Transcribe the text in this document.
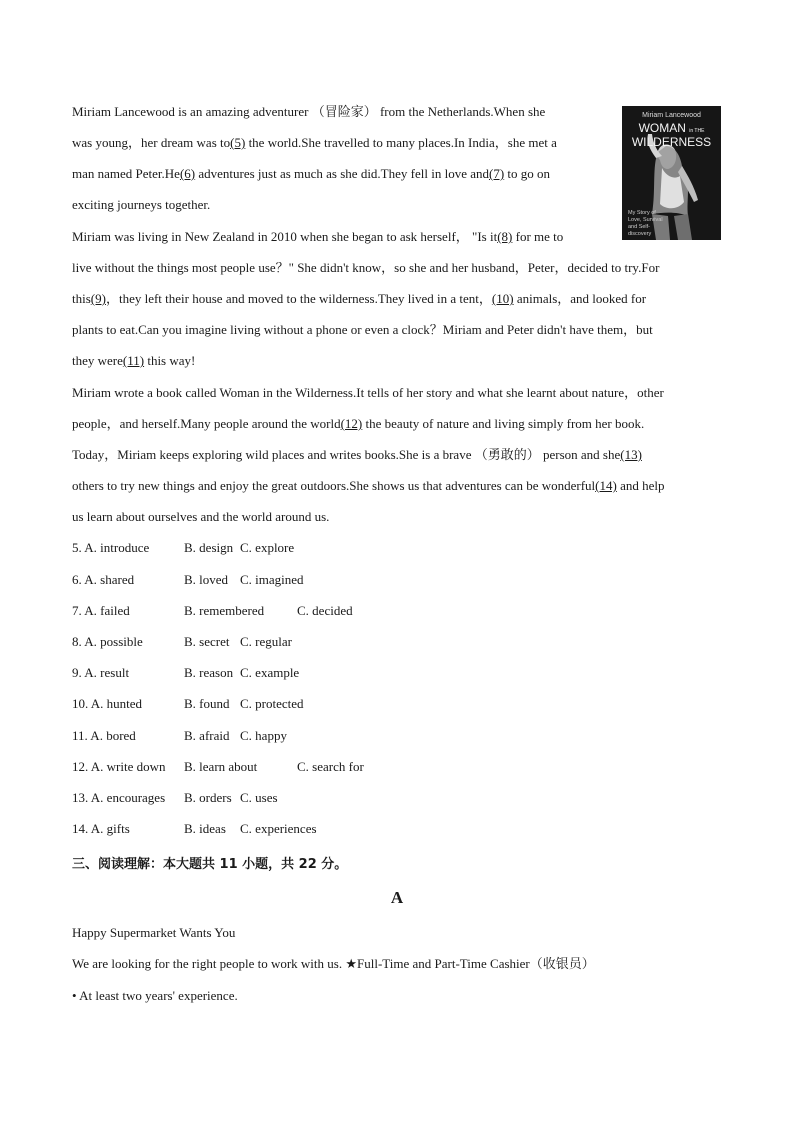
Miriam Lancewood is an amazing adventurer （冒险家） from the Netherlands.When she
was young，her dream was to(5) the world.She travelled to many places.In India，she met a
man named Peter.He(6) adventures just as much as she did.They fell in love and(7) to go on
exciting journeys together.
Miriam was living in New Zealand in 2010 when she began to ask herself， "Is it(8) for me to
live without the things most people use？" She didn't know，so she and her husband，Peter，decided to try.For
this(9)，they left their house and moved to the wilderness.They lived in a tent，(10) animals，and looked for
plants to eat.Can you imagine living without a phone or even a clock？Miriam and Peter didn't have them，but
they were(11) this way!
Miriam wrote a book called Woman in the Wilderness.It tells of her story and what she learnt about nature，other
people，and herself.Many people around the world(12) the beauty of nature and living simply from her book.
Today，Miriam keeps exploring wild places and writes books.She is a brave （勇敢的） person and she(13)
others to try new things and enjoy the great outdoors.She shows us that adventures can be wonderful(14) and help
us learn about ourselves and the world around us.
Miriam Lancewood
WOMAN in THE
WILDERNESS
My Story of Love, Survival and Self-discovery
5. A. introduce	B. design C. explore
6. A. shared	B. loved C. imagined
7. A. failed	B. remembered	C. decided
8. A. possible	B. secret C. regular
9. A. result	B. reason C. example
10. A. hunted	B. found C. protected
11. A. bored	B. afraid C. happy
12. A. write down B. learn about	C. search for
13. A. encourages B. orders C. uses
14. A. gifts	B. ideas C. experiences
三、阅读理解：本大题共 11 小题，共 22 分。
A
Happy Supermarket Wants You
We are looking for the right people to work with us. ★Full-Time and Part-Time Cashier（收银员）
• At least two years' experience.
